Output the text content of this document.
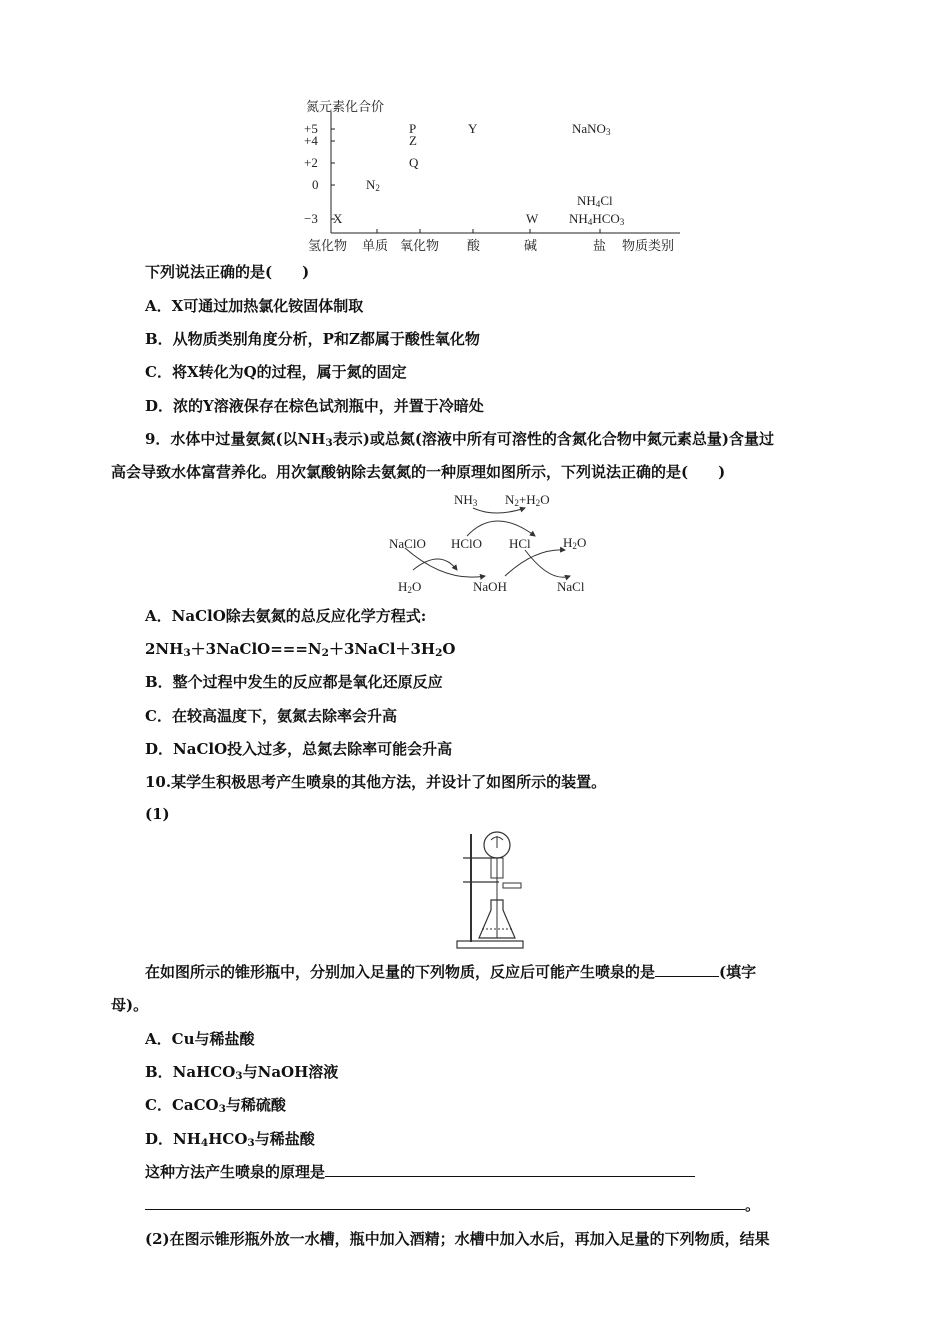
氮元素化合价
+5
+4
+2
0
−3
氢化物 单质 氧化物 酸	碱	盐 物质类别
P
Z
Q
Y	NaNO$_3$
$N_2$
$NH_4Cl$
$NH_4HCO_3$
X	W
下列说法正确的是(　　)
A．X可通过加热氯化铵固体制取
B．从物质类别角度分析，P和Z都属于酸性氧化物
C．将X转化为Q的过程，属于氮的固定
D．浓的Y溶液保存在棕色试剂瓶中，并置于冷暗处
9．水体中过量氨氮(以$NH_3$表示)或总氮(溶液中所有可溶性的含氮化合物中氮元素总量)含量过
高会导致水体富营养化。用次氯酸钠除去氨氮的一种原理如图所示，下列说法正确的是(　　)
$NH_3$ $N_2+H_2O$
NaClO HClO HCl $H_2O$
$H_2O$	NaOH	NaCl
A．NaClO除去氨氮的总反应化学方程式:
$2NH_3+3NaClO===N_2+3NaCl+3H_2O$
B．整个过程中发生的反应都是氧化还原反应
C．在较高温度下，氨氮去除率会升高
D．NaClO投入过多，总氮去除率可能会升高
10.某学生积极思考产生喷泉的其他方法，并设计了如图所示的装置。
(1)
在如图所示的锥形瓶中，分别加入足量的下列物质，反应后可能产生喷泉的是	(填字
母)。
A．Cu与稀盐酸
B．NaHCO$_3$与NaOH溶液
C．CaCO$_3$与稀硫酸
D．$NH_4HCO_3$与稀盐酸
这种方法产生喷泉的原理是
。
(2)在图示锥形瓶外放一水槽，瓶中加入酒精；水槽中加入水后，再加入足量的下列物质，结果
